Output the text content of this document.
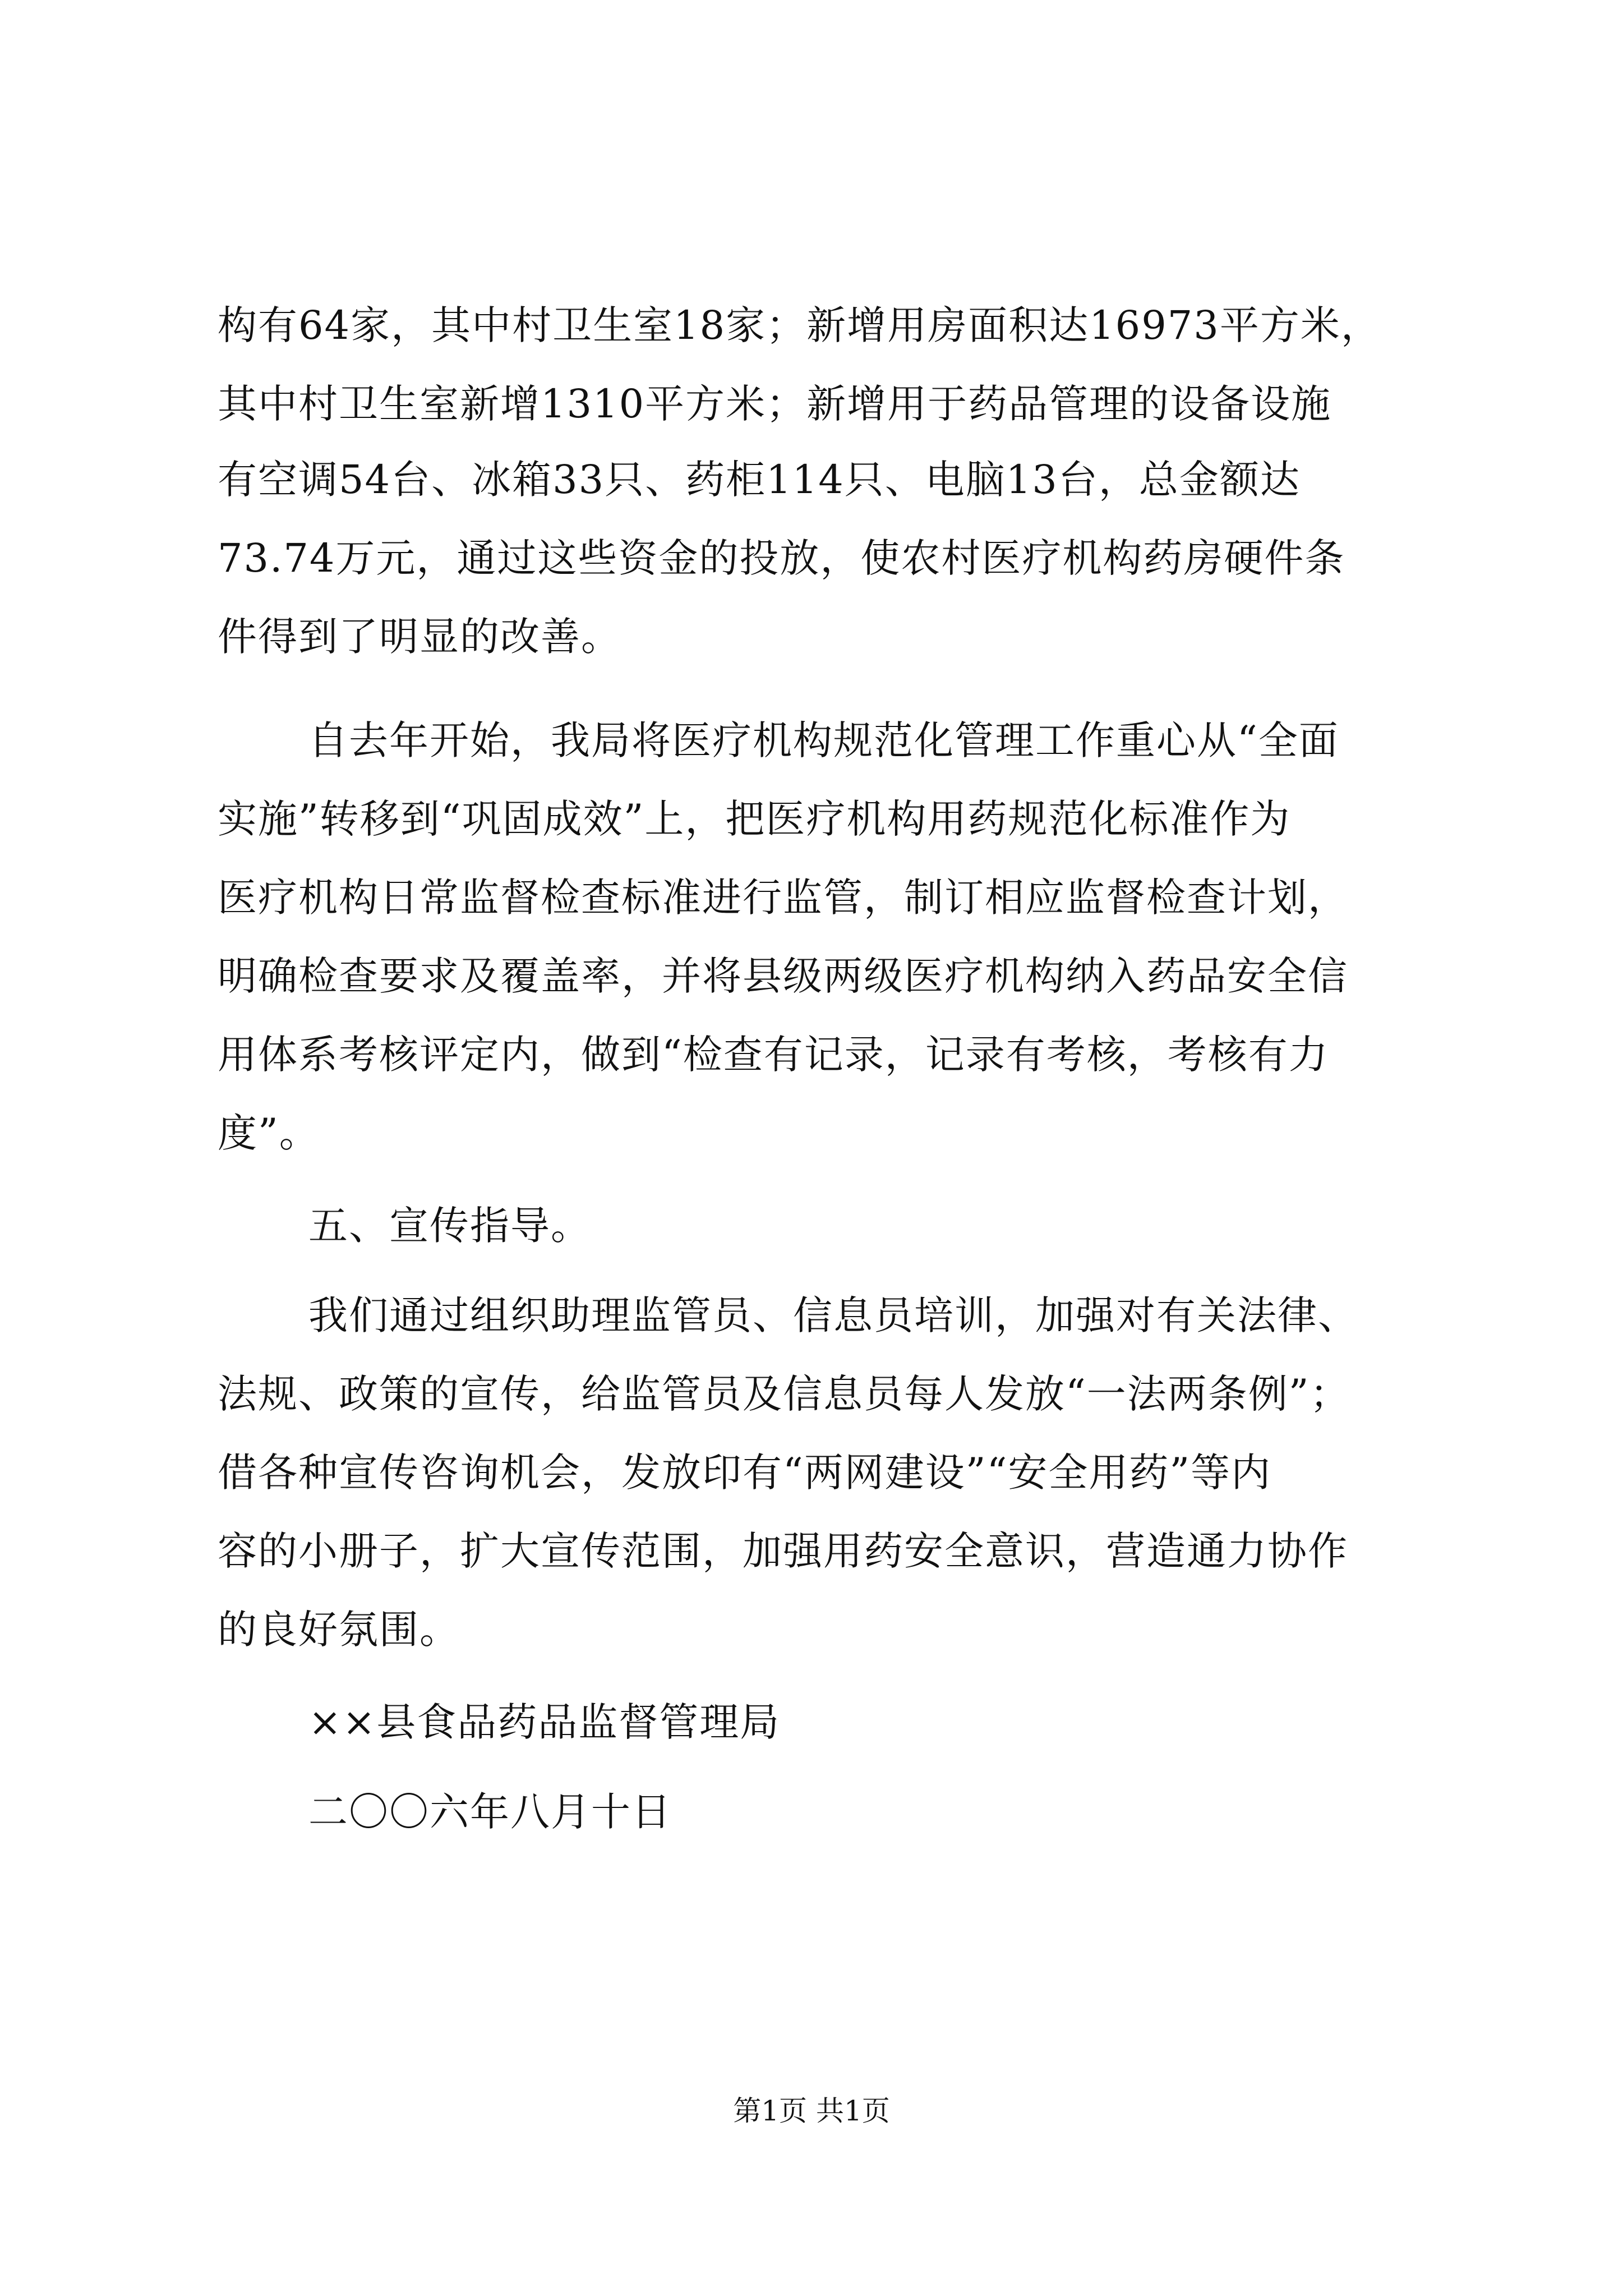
构有64家，其中村卫生室18家；新增用房面积达16973平方米，
其中村卫生室新增1310平方米；新增用于药品管理的设备设施
有空调54台、冰箱33只、药柜114只、电脑13台，总金额达
73.74万元，通过这些资金的投放，使农村医疗机构药房硬件条
件得到了明显的改善。
自去年开始，我局将医疗机构规范化管理工作重心从“全面
实施”转移到“巩固成效”上，把医疗机构用药规范化标准作为
医疗机构日常监督检查标准进行监管，制订相应监督检查计划，
明确检查要求及覆盖率，并将县级两级医疗机构纳入药品安全信
用体系考核评定内，做到“检查有记录，记录有考核，考核有力
度”。
五、宣传指导。
我们通过组织助理监管员、信息员培训，加强对有关法律、
法规、政策的宣传，给监管员及信息员每人发放“一法两条例”；
借各种宣传咨询机会，发放印有“两网建设”“安全用药”等内
容的小册子，扩大宣传范围，加强用药安全意识，营造通力协作
的良好氛围。
××县食品药品监督管理局
二〇〇六年八月十日
第1页 共1页
